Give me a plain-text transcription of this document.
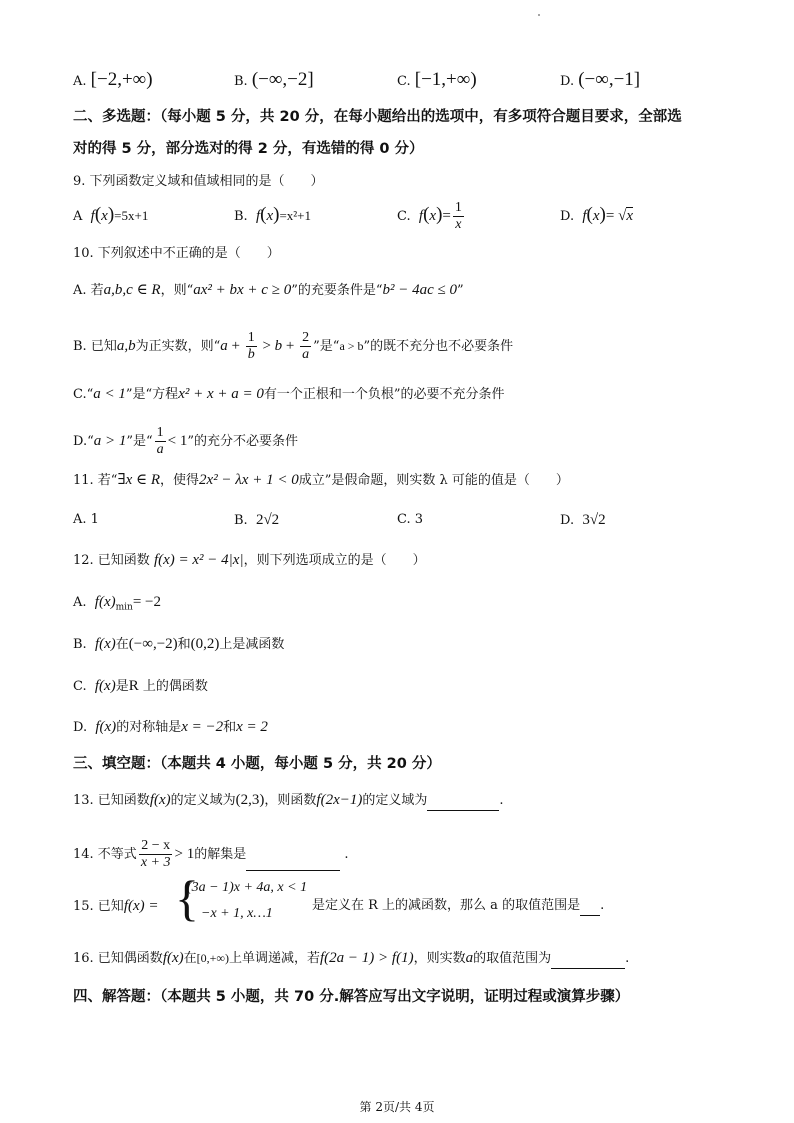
A. [−2,+∞)	B. (−∞,−2]	C. [−1,+∞)	D. (−∞,−1]
二、多选题：（每小题 5 分，共 20 分，在每小题给出的选项中，有多项符合题目要求，全部选
对的得 5 分，部分选对的得 2 分，有选错的得 0 分）
9. 下列函数定义域和值域相同的是（　　）
A f(x)=5x+1	B. f(x)=x²+1	C. $f(x)= \frac{1}{x}$	D. f(x)= √x
10. 下列叙述中不正确的是（　　）
A. 若a,b,c ∈ R，则“ax² + bx + c ≥ 0”的充要条件是“b² − 4ac ≤ 0”
B. 已知a,b为正实数，则“$a + \frac{1}{b} > b + \frac{2}{a}$ ”是“a > b”的既不充分也不必要条件
C.“a < 1”是“方程x² + x + a = 0有一个正根和一个负根”的必要不充分条件
D.“a > 1”是“ $\frac{1}{a} < 1$”的充分不必要条件
11. 若“∃x ∈ R，使得2x² − λx + 1 < 0成立”是假命题，则实数 λ 可能的值是（　　）
A. 1	B. 2√2	C. 3	D. 3√2
12. 已知函数 f(x) = x² − 4|x|，则下列选项成立的是（　　）
A. $f(x)_{min}= -2$
B. f(x)在(−∞,−2)和(0,2)上是减函数
C. f(x)是R 上的偶函数
D. f(x)的对称轴是x = −2和x = 2
三、填空题：（本题共 4 小题，每小题 5 分，共 20 分）
13. 已知函数f(x)的定义域为(2,3)，则函数f(2x−1)的定义域为	.
14. 不等式 $\frac{2 - x}{x + 3} > 1$的解集是	.
15. 已知f(x) = {
(3a − 1)x + 4a, x < 1
−x + 1, x…1
是定义在 R 上的减函数，那么 a 的取值范围是 .
16. 已知偶函数f(x)在[0,+∞)上单调递减，若f(2a − 1) > f(1)，则实数a的取值范围为	.
四、解答题：（本题共 5 小题，共 70 分.解答应写出文字说明，证明过程或演算步骤）
第 2页/共 4页
